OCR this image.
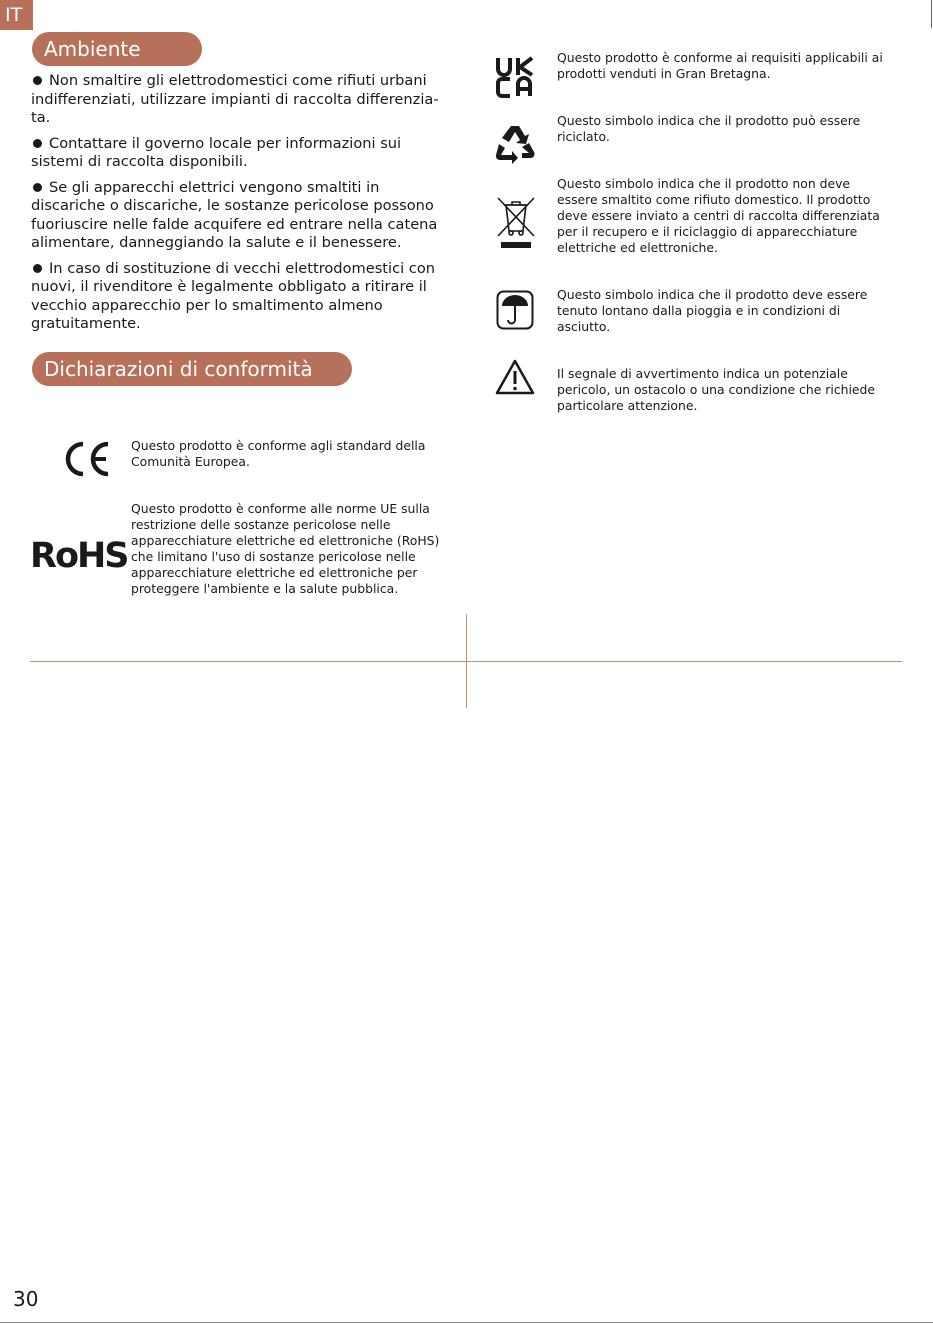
IT
Ambiente
Non smaltire gli elettrodomestici come rifiuti urbani indifferenziati, utilizzare impianti di raccolta differenzia- ta.
Contattare il governo locale per informazioni sui sistemi di raccolta disponibili.
Se gli apparecchi elettrici vengono smaltiti in discariche o discariche, le sostanze pericolose possono fuoriuscire nelle falde acquifere ed entrare nella catena alimentare, danneggiando la salute e il benessere.
In caso di sostituzione di vecchi elettrodomestici con nuovi, il rivenditore è legalmente obbligato a ritirare il vecchio apparecchio per lo smaltimento almeno gratuitamente.
Dichiarazioni di conformità
Questo prodotto è conforme agli standard della Comunità Europea.
RoHS
Questo prodotto è conforme alle norme UE sulla restrizione delle sostanze pericolose nelle apparecchiature elettriche ed elettroniche (RoHS) che limitano l'uso di sostanze pericolose nelle apparecchiature elettriche ed elettroniche per proteggere l'ambiente e la salute pubblica.
Questo prodotto è conforme ai requisiti applicabili ai prodotti venduti in Gran Bretagna.
Questo simbolo indica che il prodotto può essere riciclato.
Questo simbolo indica che il prodotto non deve essere smaltito come rifiuto domestico. Il prodotto deve essere inviato a centri di raccolta differenziata per il recupero e il riciclaggio di apparecchiature elettriche ed elettroniche.
Questo simbolo indica che il prodotto deve essere tenuto lontano dalla pioggia e in condizioni di asciutto.
Il segnale di avvertimento indica un potenziale pericolo, un ostacolo o una condizione che richiede particolare attenzione.
30
